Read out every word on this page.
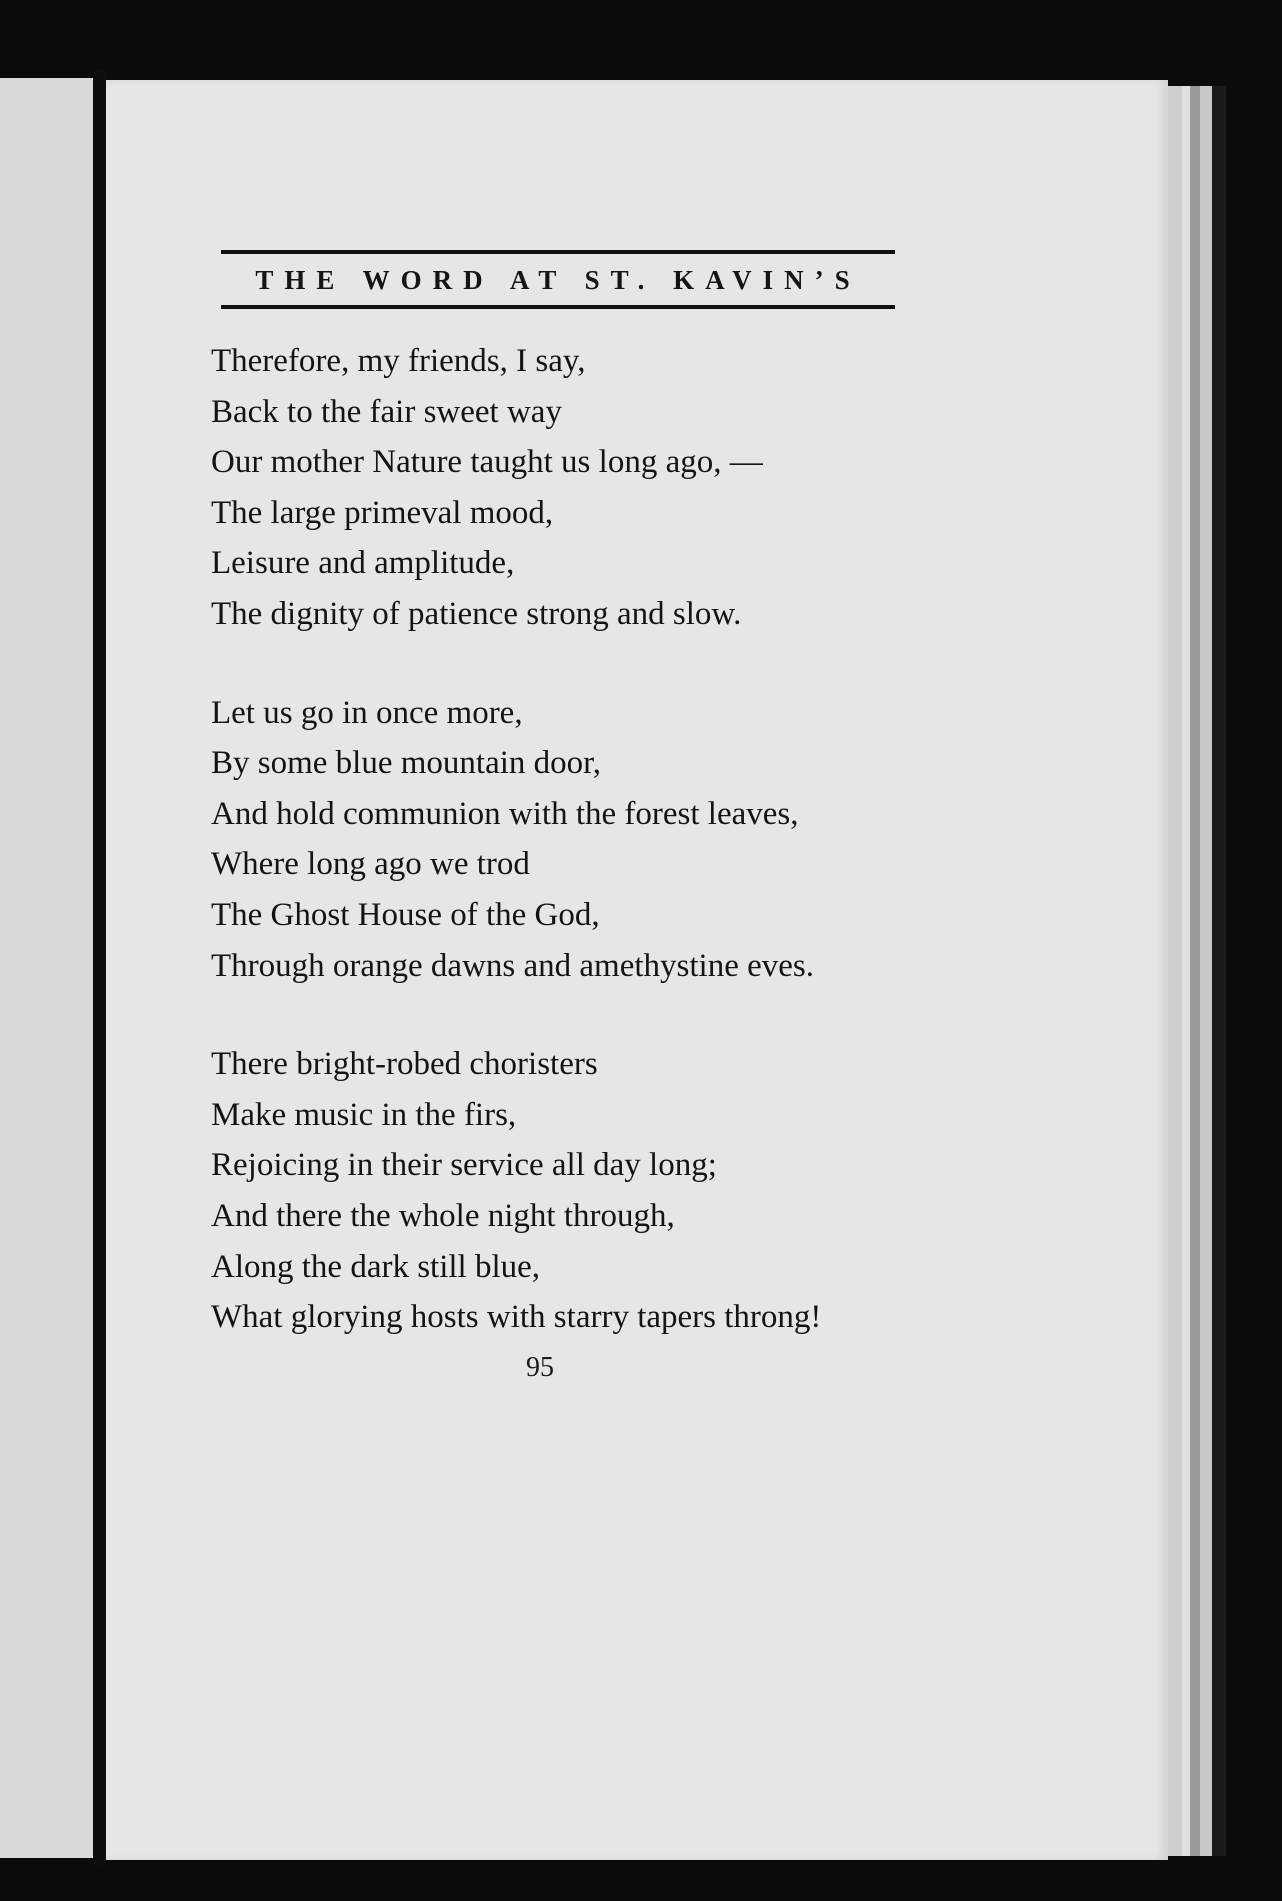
THE WORD AT ST. KAVIN’S
Therefore, my friends, I say,
Back to the fair sweet way
Our mother Nature taught us long ago, —
The large primeval mood,
Leisure and amplitude,
The dignity of patience strong and slow.
Let us go in once more,
By some blue mountain door,
And hold communion with the forest leaves,
Where long ago we trod
The Ghost House of the God,
Through orange dawns and amethystine eves.
There bright-robed choristers
Make music in the firs,
Rejoicing in their service all day long;
And there the whole night through,
Along the dark still blue,
What glorying hosts with starry tapers throng!
95
